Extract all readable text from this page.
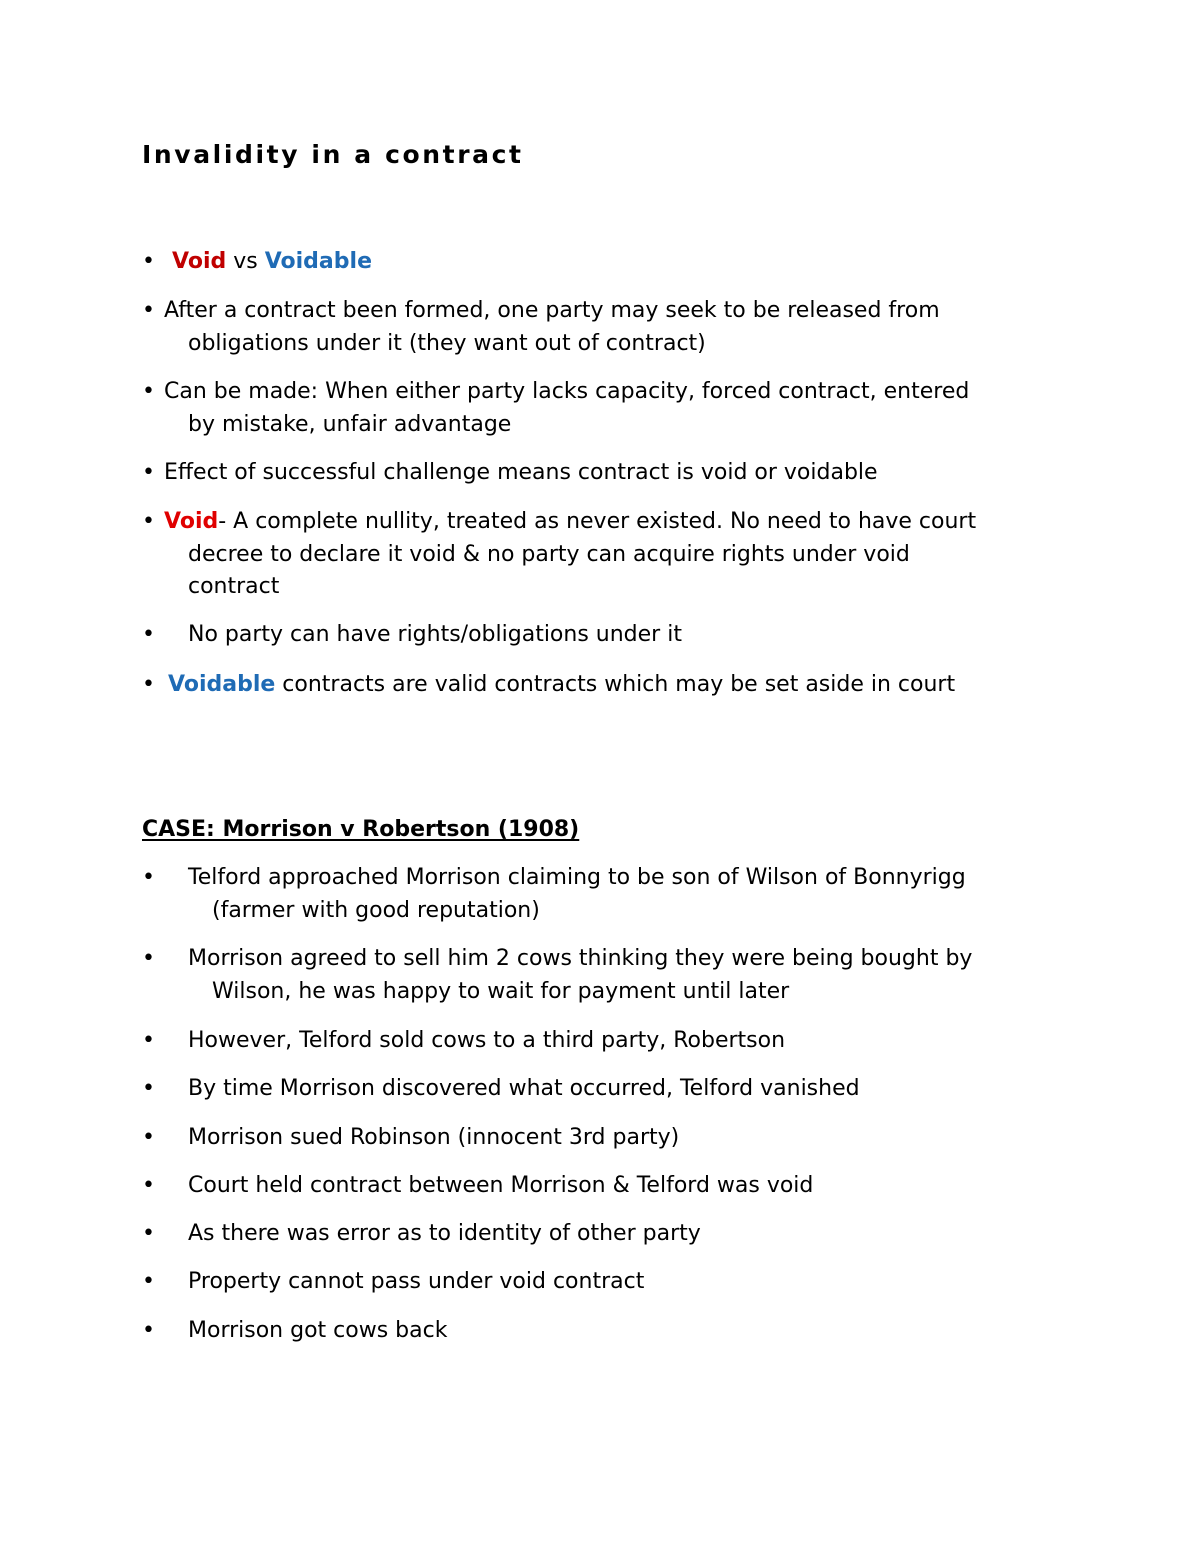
Invalidity in a contract
• Void vs Voidable
• After a contract been formed, one party may seek to be released from
obligations under it (they want out of contract)
• Can be made: When either party lacks capacity, forced contract, entered
by mistake, unfair advantage
• Effect of successful challenge means contract is void or voidable
• Void- A complete nullity, treated as never existed. No need to have court
decree to declare it void & no party can acquire rights under void
contract
• No party can have rights/obligations under it
• Voidable contracts are valid contracts which may be set aside in court
CASE: Morrison v Robertson (1908)
• Telford approached Morrison claiming to be son of Wilson of Bonnyrigg
(farmer with good reputation)
• Morrison agreed to sell him 2 cows thinking they were being bought by
Wilson, he was happy to wait for payment until later
• However, Telford sold cows to a third party, Robertson
• By time Morrison discovered what occurred, Telford vanished
• Morrison sued Robinson (innocent 3rd party)
• Court held contract between Morrison & Telford was void
• As there was error as to identity of other party
• Property cannot pass under void contract
• Morrison got cows back
